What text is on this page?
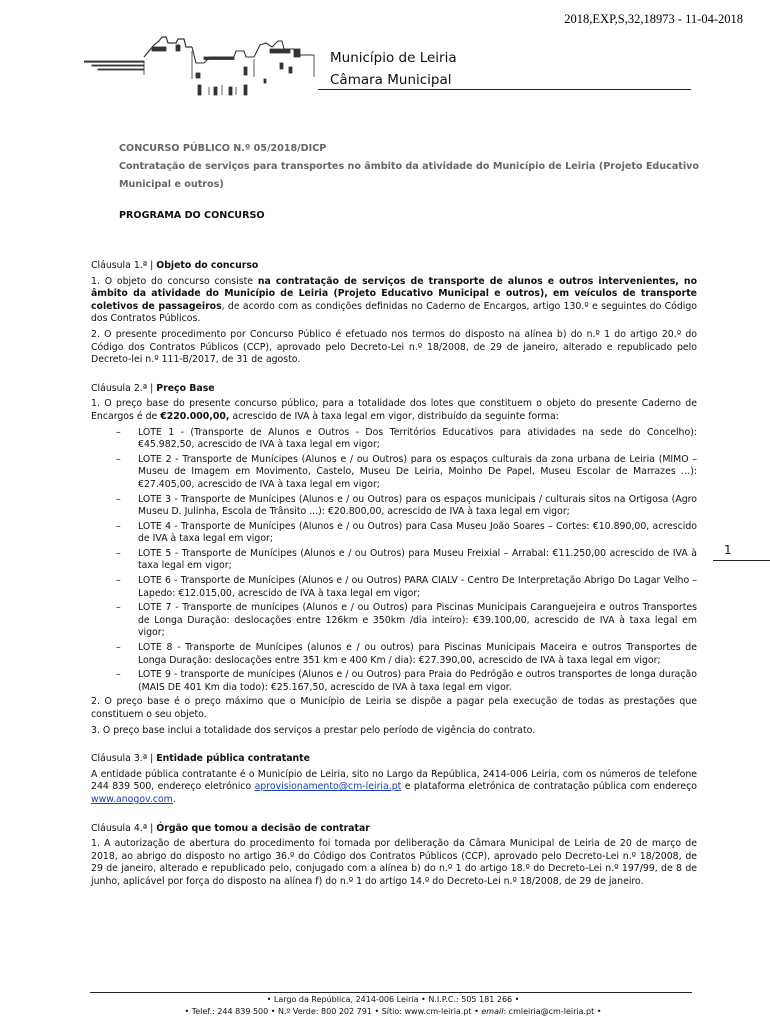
2018,EXP,S,32,18973 - 11-04-2018
Município de Leiria
Câmara Municipal
CONCURSO PÚBLICO N.º 05/2018/DICP
Contratação de serviços para transportes no âmbito da atividade do Município de Leiria (Projeto Educativo Municipal e outros)
PROGRAMA DO CONCURSO
Cláusula 1.ª | Objeto do concurso

1. O objeto do concurso consiste na contratação de serviços de transporte de alunos e outros intervenientes, no âmbito da atividade do Município de Leiria (Projeto Educativo Municipal e outros), em veículos de transporte coletivos de passageiros, de acordo com as condições definidas no Caderno de Encargos, artigo 130.º e seguintes do Código dos Contratos Públicos.

2. O presente procedimento por Concurso Público é efetuado nos termos do disposto na alínea b) do n.º 1 do artigo 20.º do Código dos Contratos Públicos (CCP), aprovado pelo Decreto-Lei n.º 18/2008, de 29 de janeiro, alterado e republicado pelo Decreto-lei n.º 111-B/2017, de 31 de agosto.

Cláusula 2.ª | Preço Base

1. O preço base do presente concurso público, para a totalidade dos lotes que constituem o objeto do presente Caderno de Encargos é de €220.000,00, acrescido de IVA à taxa legal em vigor, distribuído da seguinte forma:

– LOTE 1 - (Transporte de Alunos e Outros - Dos Territórios Educativos para atividades na sede do Concelho): €45.982,50, acrescido de IVA à taxa legal em vigor;
– LOTE 2 - Transporte de Munícipes (Alunos e / ou Outros) para os espaços culturais da zona urbana de Leiria (MIMO – Museu de Imagem em Movimento, Castelo, Museu De Leiria, Moinho De Papel, Museu Escolar de Marrazes ...): €27.405,00, acrescido de IVA à taxa legal em vigor;
– LOTE 3 - Transporte de Munícipes (Alunos e / ou Outros) para os espaços municipais / culturais sitos na Ortigosa (Agro Museu D. Julinha, Escola de Trânsito ...): €20.800,00, acrescido de IVA à taxa legal em vigor;
– LOTE 4 - Transporte de Munícipes (Alunos e / ou Outros) para Casa Museu João Soares – Cortes: €10.890,00, acrescido de IVA à taxa legal em vigor;
– LOTE 5 - Transporte de Munícipes (Alunos e / ou Outros) para Museu Freixial – Arrabal: €11.250,00 acrescido de IVA à taxa legal em vigor;
– LOTE 6 - Transporte de Munícipes (Alunos e / ou Outros) PARA CIALV - Centro De Interpretação Abrigo Do Lagar Velho – Lapedo: €12.015,00, acrescido de IVA à taxa legal em vigor;
– LOTE 7 - Transporte de munícipes (Alunos e / ou Outros) para Piscinas Municipais Caranguejeira e outros Transportes de Longa Duração: deslocações entre 126km e 350km /dia inteiro): €39.100,00, acrescido de IVA à taxa legal em vigor;
– LOTE 8 - Transporte de Munícipes (alunos e / ou outros) para Piscinas Municipais Maceira e outros Transportes de Longa Duração: deslocações entre 351 km e 400 Km / dia): €27.390,00, acrescido de IVA à taxa legal em vigor;
– LOTE 9 - transporte de munícipes (Alunos e / ou Outros) para Praia do Pedrógão e outros transportes de longa duração (MAIS DE 401 Km dia todo): €25.167,50, acrescido de IVA à taxa legal em vigor.

2. O preço base é o preço máximo que o Município de Leiria se dispõe a pagar pela execução de todas as prestações que constituem o seu objeto.

3. O preço base inclui a totalidade dos serviços a prestar pelo período de vigência do contrato.

Cláusula 3.ª | Entidade pública contratante

A entidade pública contratante é o Município de Leiria, sito no Largo da República, 2414-006 Leiria, com os números de telefone 244 839 500, endereço eletrónico aprovisionamento@cm-leiria.pt e plataforma eletrónica de contratação pública com endereço www.anogov.com.

Cláusula 4.ª | Órgão que tomou a decisão de contratar

1. A autorização de abertura do procedimento foi tomada por deliberação da Câmara Municipal de Leiria de 20 de março de 2018, ao abrigo do disposto no artigo 36.º do Código dos Contratos Públicos (CCP), aprovado pelo Decreto-Lei n.º 18/2008, de 29 de janeiro, alterado e republicado pelo, conjugado com a alínea b) do n.º 1 do artigo 18.º do Decreto-Lei n.º 197/99, de 8 de junho, aplicável por força do disposto na alínea f) do n.º 1 do artigo 14.º do Decreto-Lei n.º 18/2008, de 29 de janeiro.

1
• Largo da República, 2414-006 Leiria • N.I.P.C.: 505 181 266 •
• Telef.: 244 839 500 • N.º Verde: 800 202 791 • Sítio: www.cm-leiria.pt • email: cmleiria@cm-leiria.pt •
